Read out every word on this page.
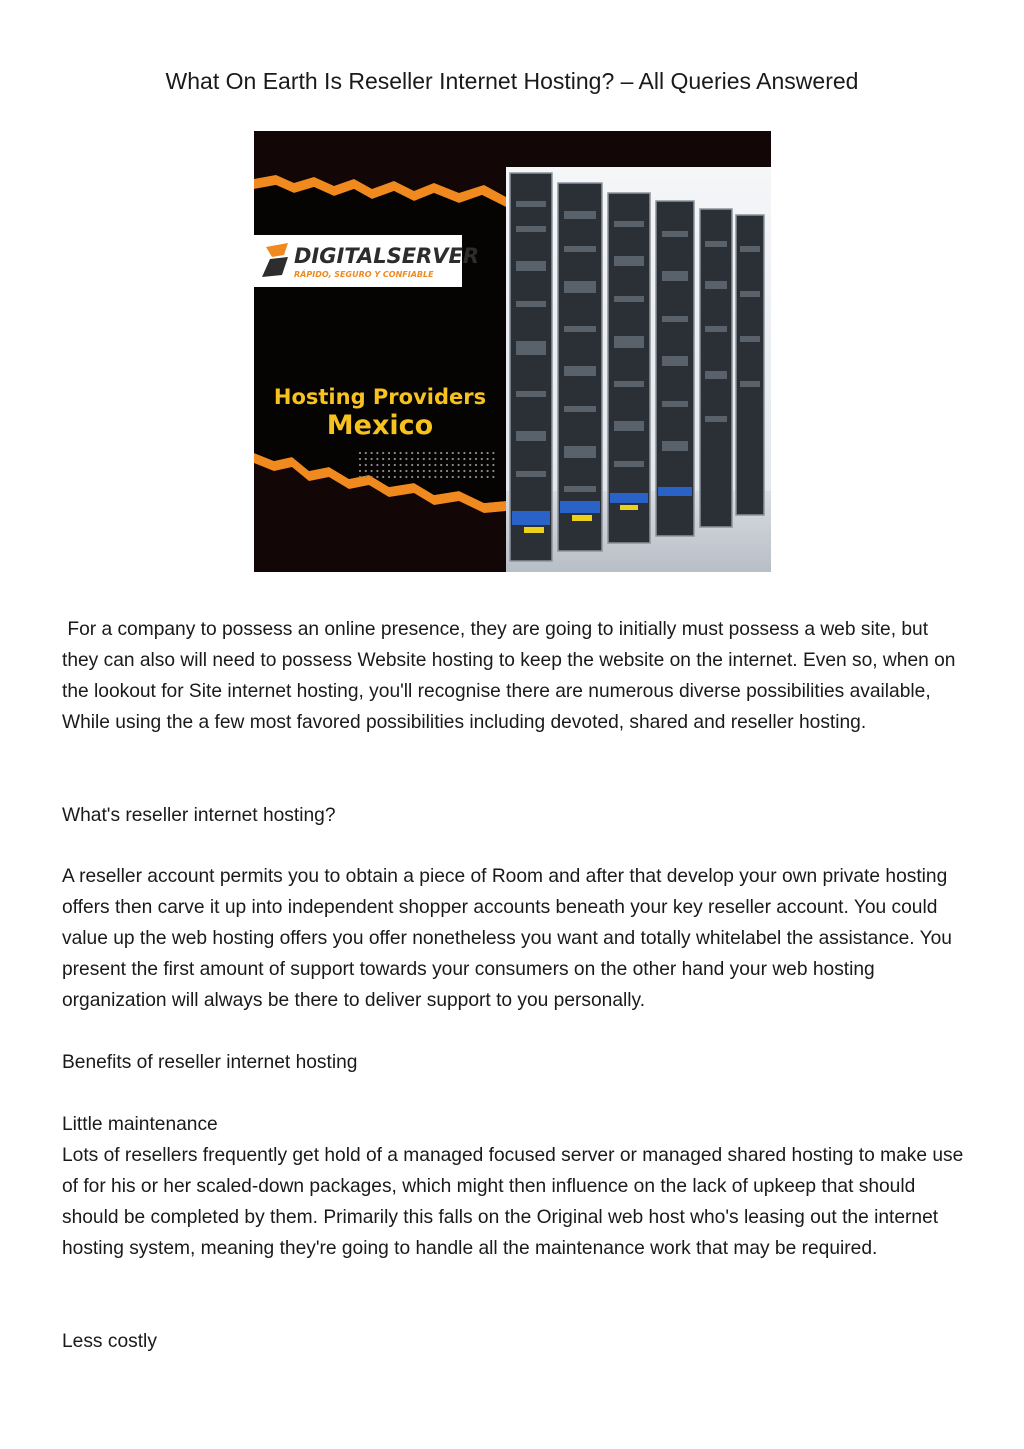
What On Earth Is Reseller Internet Hosting? – All Queries Answered
DIGITALSERVER
RÁPIDO, SEGURO Y CONFIABLE
Hosting Providers
Mexico

For a company to possess an online presence, they are going to initially must possess a web site, but they can also will need to possess Website hosting to keep the website on the internet. Even so, when on the lookout for Site internet hosting, you'll recognise there are numerous diverse possibilities available, While using the a few most favored possibilities including devoted, shared and reseller hosting.

What's reseller internet hosting?

A reseller account permits you to obtain a piece of Room and after that develop your own private hosting offers then carve it up into independent shopper accounts beneath your key reseller account. You could value up the web hosting offers you offer nonetheless you want and totally whitelabel the assistance. You present the first amount of support towards your consumers on the other hand your web hosting organization will always be there to deliver support to you personally.

Benefits of reseller internet hosting

Little maintenance

Lots of resellers frequently get hold of a managed focused server or managed shared hosting to make use of for his or her scaled-down packages, which might then influence on the lack of upkeep that should should be completed by them. Primarily this falls on the Original web host who's leasing out the internet hosting system, meaning they're going to handle all the maintenance work that may be required.

Less costly
